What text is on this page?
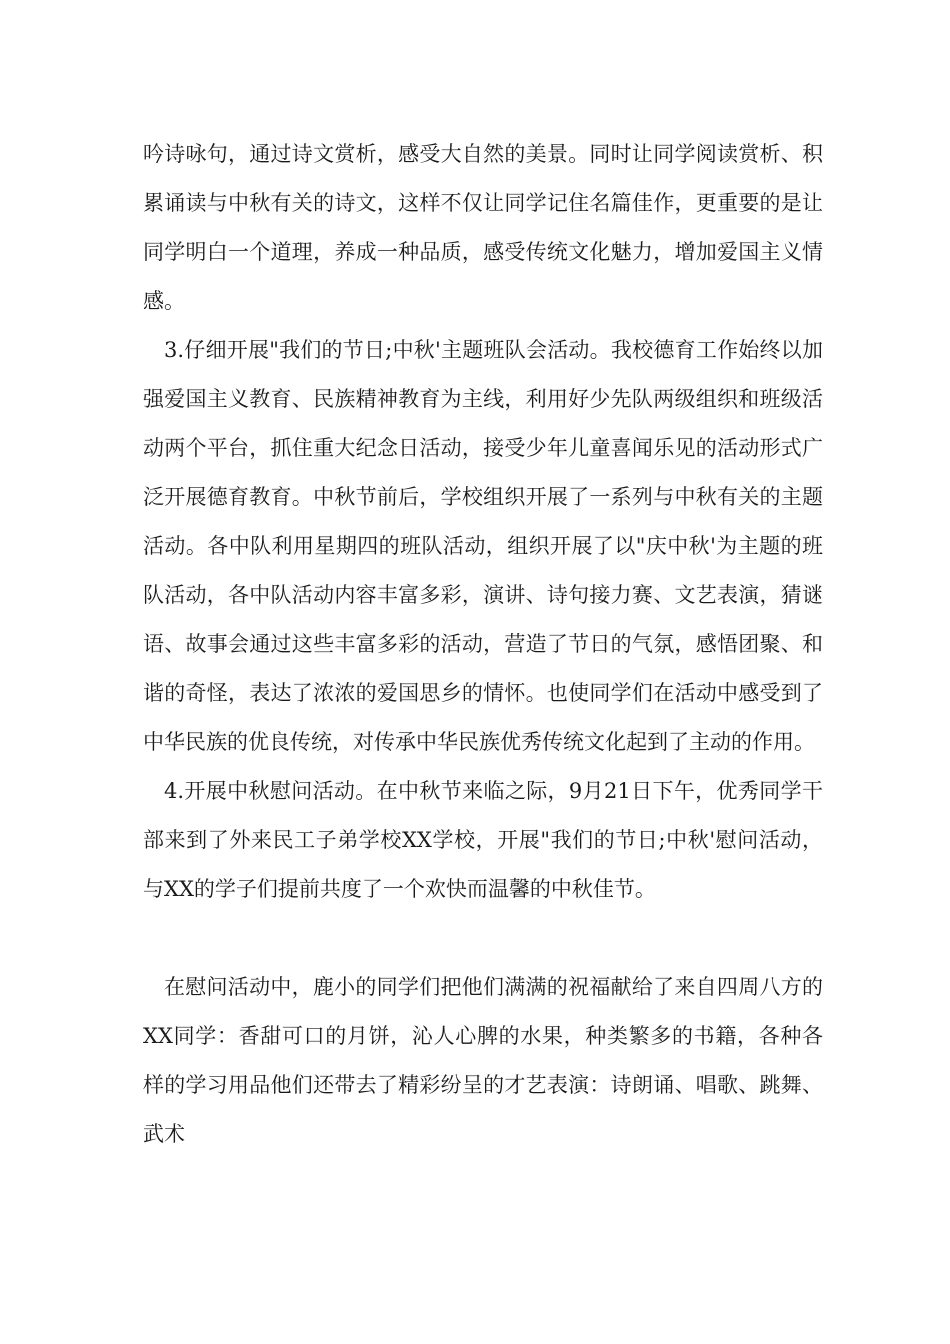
吟诗咏句，通过诗文赏析，感受大自然的美景。同时让同学阅读赏析、积累诵读与中秋有关的诗文，这样不仅让同学记住名篇佳作，更重要的是让同学明白一个道理，养成一种品质，感受传统文化魅力，增加爱国主义情感。

3.仔细开展"我们的节日;中秋'主题班队会活动。我校德育工作始终以加强爱国主义教育、民族精神教育为主线，利用好少先队两级组织和班级活动两个平台，抓住重大纪念日活动，接受少年儿童喜闻乐见的活动形式广泛开展德育教育。中秋节前后，学校组织开展了一系列与中秋有关的主题活动。各中队利用星期四的班队活动，组织开展了以"庆中秋'为主题的班队活动，各中队活动内容丰富多彩，演讲、诗句接力赛、文艺表演，猜谜语、故事会通过这些丰富多彩的活动，营造了节日的气氛，感悟团聚、和谐的奇怪，表达了浓浓的爱国思乡的情怀。也使同学们在活动中感受到了中华民族的优良传统，对传承中华民族优秀传统文化起到了主动的作用。

4.开展中秋慰问活动。在中秋节来临之际，9月21日下午，优秀同学干部来到了外来民工子弟学校XX学校，开展"我们的节日;中秋'慰问活动，与XX的学子们提前共度了一个欢快而温馨的中秋佳节。

在慰问活动中，鹿小的同学们把他们满满的祝福献给了来自四周八方的XX同学：香甜可口的月饼，沁人心脾的水果，种类繁多的书籍，各种各样的学习用品他们还带去了精彩纷呈的才艺表演：诗朗诵、唱歌、跳舞、武术
